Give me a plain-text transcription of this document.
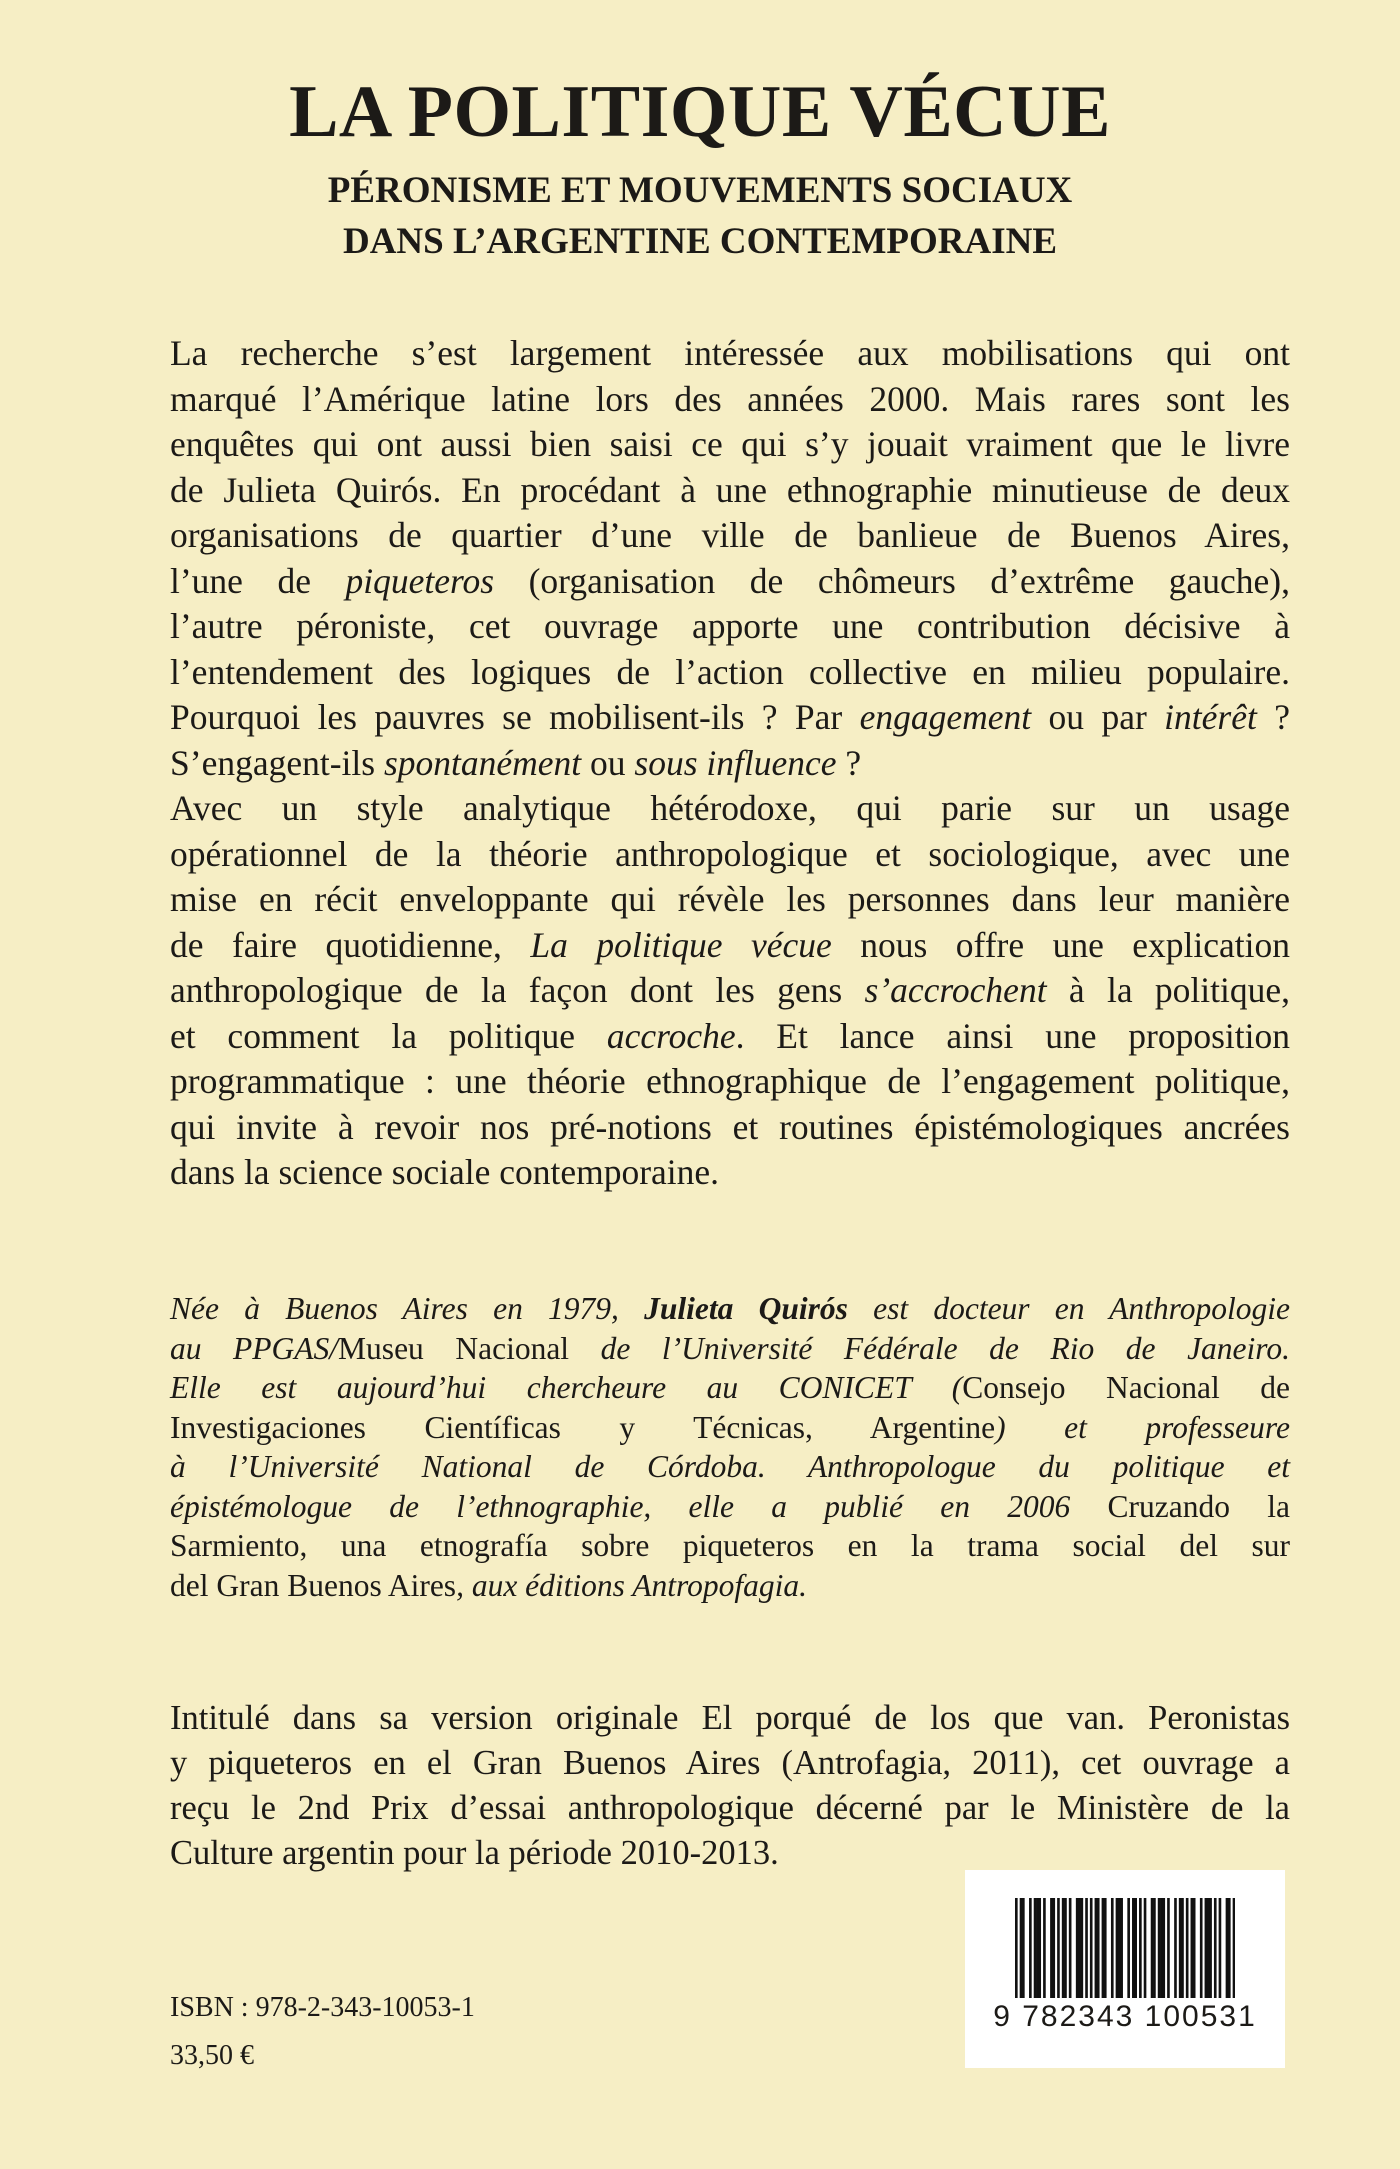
LA POLITIQUE VÉCUE
PÉRONISME ET MOUVEMENTS SOCIAUX
DANS L’ARGENTINE CONTEMPORAINE
La recherche s’est largement intéressée aux mobilisations qui ont
marqué l’Amérique latine lors des années 2000. Mais rares sont les
enquêtes qui ont aussi bien saisi ce qui s’y jouait vraiment que le livre
de Julieta Quirós. En procédant à une ethnographie minutieuse de deux
organisations de quartier d’une ville de banlieue de Buenos Aires,
l’une de piqueteros (organisation de chômeurs d’extrême gauche),
l’autre péroniste, cet ouvrage apporte une contribution décisive à
l’entendement des logiques de l’action collective en milieu populaire.
Pourquoi les pauvres se mobilisent-ils ? Par engagement ou par intérêt ?
S’engagent-ils spontanément ou sous influence ?
Avec un style analytique hétérodoxe, qui parie sur un usage
opérationnel de la théorie anthropologique et sociologique, avec une
mise en récit enveloppante qui révèle les personnes dans leur manière
de faire quotidienne, La politique vécue nous offre une explication
anthropologique de la façon dont les gens s’accrochent à la politique,
et comment la politique accroche. Et lance ainsi une proposition
programmatique : une théorie ethnographique de l’engagement politique,
qui invite à revoir nos pré-notions et routines épistémologiques ancrées
dans la science sociale contemporaine.
Née à Buenos Aires en 1979, Julieta Quirós est docteur en Anthropologie
au PPGAS/Museu Nacional de l’Université Fédérale de Rio de Janeiro.
Elle est aujourd’hui chercheure au CONICET (Consejo Nacional de
Investigaciones Científicas y Técnicas, Argentine) et professeure
à l’Université National de Córdoba. Anthropologue du politique et
épistémologue de l’ethnographie, elle a publié en 2006 Cruzando la
Sarmiento, una etnografía sobre piqueteros en la trama social del sur
del Gran Buenos Aires, aux éditions Antropofagia.
Intitulé dans sa version originale El porqué de los que van. Peronistas
y piqueteros en el Gran Buenos Aires (Antrofagia, 2011), cet ouvrage a
reçu le 2nd Prix d’essai anthropologique décerné par le Ministère de la
Culture argentin pour la période 2010-2013.
ISBN : 978-2-343-10053-1
33,50 €
9 782343 100531
